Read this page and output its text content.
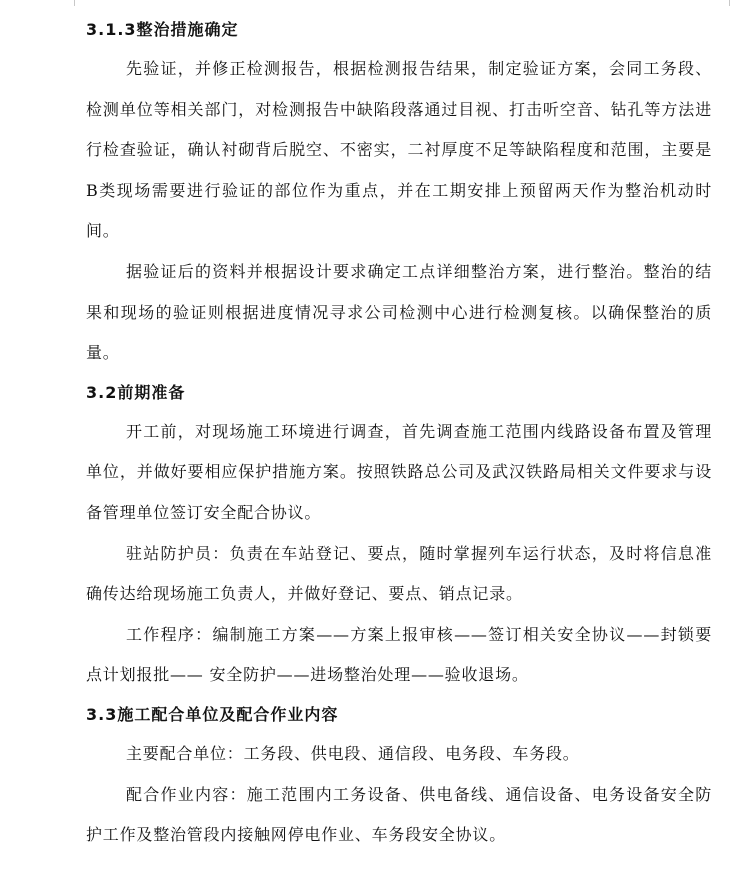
3.1.3整治措施确定

先验证，并修正检测报告，根据检测报告结果，制定验证方案，会同工务段、检测单位等相关部门，对检测报告中缺陷段落通过目视、打击听空音、钻孔等方法进行检查验证，确认衬砌背后脱空、不密实，二衬厚度不足等缺陷程度和范围，主要是B类现场需要进行验证的部位作为重点，并在工期安排上预留两天作为整治机动时间。

据验证后的资料并根据设计要求确定工点详细整治方案，进行整治。整治的结果和现场的验证则根据进度情况寻求公司检测中心进行检测复核。以确保整治的质量。

3.2前期准备

开工前，对现场施工环境进行调查，首先调查施工范围内线路设备布置及管理单位，并做好要相应保护措施方案。按照铁路总公司及武汉铁路局相关文件要求与设备管理单位签订安全配合协议。

驻站防护员：负责在车站登记、要点，随时掌握列车运行状态，及时将信息准确传达给现场施工负责人，并做好登记、要点、销点记录。

工作程序：编制施工方案——方案上报审核——签订相关安全协议——封锁要点计划报批—— 安全防护——进场整治处理——验收退场。

3.3施工配合单位及配合作业内容

主要配合单位：工务段、供电段、通信段、电务段、车务段。

配合作业内容：施工范围内工务设备、供电备线、通信设备、电务设备安全防护工作及整治管段内接触网停电作业、车务段安全协议。
